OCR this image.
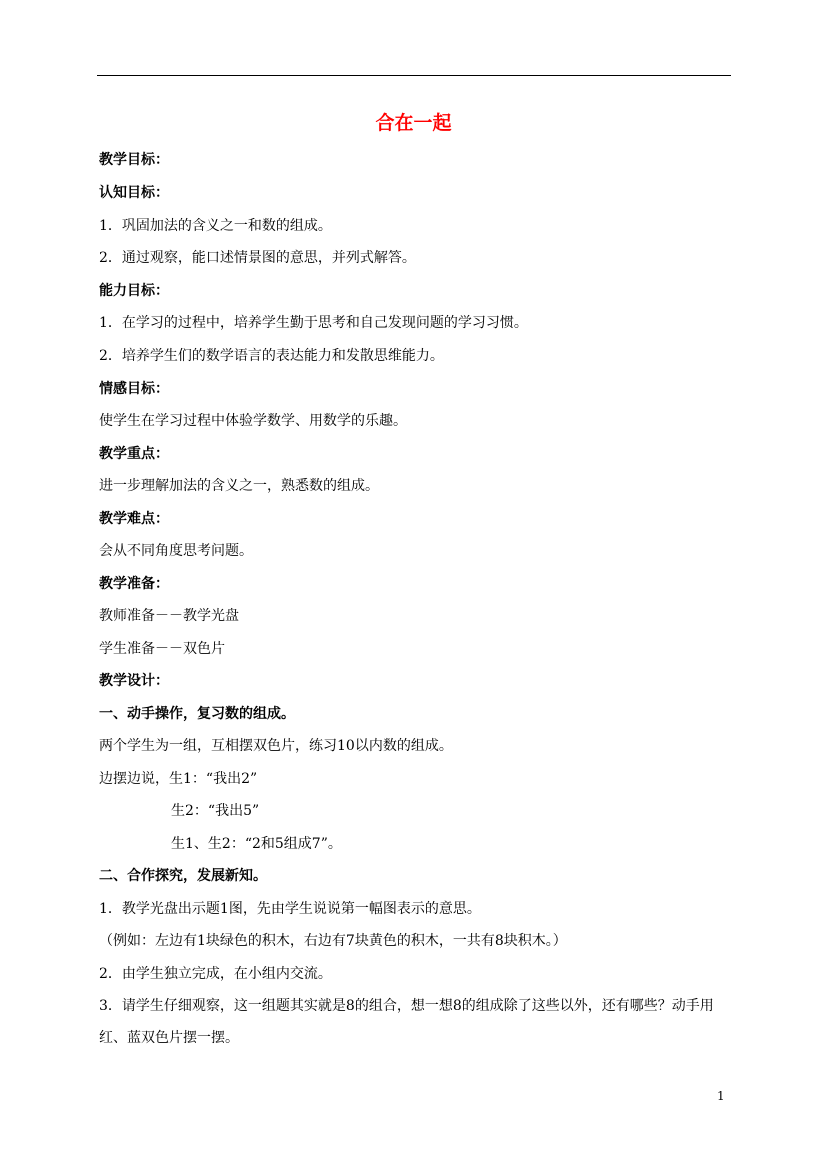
合在一起
教学目标：
认知目标：
1．巩固加法的含义之一和数的组成。
2．通过观察，能口述情景图的意思，并列式解答。
能力目标：
1．在学习的过程中，培养学生勤于思考和自己发现问题的学习习惯。
2．培养学生们的数学语言的表达能力和发散思维能力。
情感目标：
使学生在学习过程中体验学数学、用数学的乐趣。
教学重点：
进一步理解加法的含义之一，熟悉数的组成。
教学难点：
会从不同角度思考问题。
教学准备：
教师准备－－教学光盘
学生准备－－双色片
教学设计：
一、动手操作，复习数的组成。
两个学生为一组，互相摆双色片，练习10以内数的组成。
边摆边说，生1：“我出2”
生2：“我出5”
生1、生2：“2和5组成7”。
二、合作探究，发展新知。
1．教学光盘出示题1图，先由学生说说第一幅图表示的意思。
（例如：左边有1块绿色的积木，右边有7块黄色的积木，一共有8块积木。）
2．由学生独立完成，在小组内交流。
3．请学生仔细观察，这一组题其实就是8的组合，想一想8的组成除了这些以外，还有哪些？动手用红、蓝双色片摆一摆。
1
